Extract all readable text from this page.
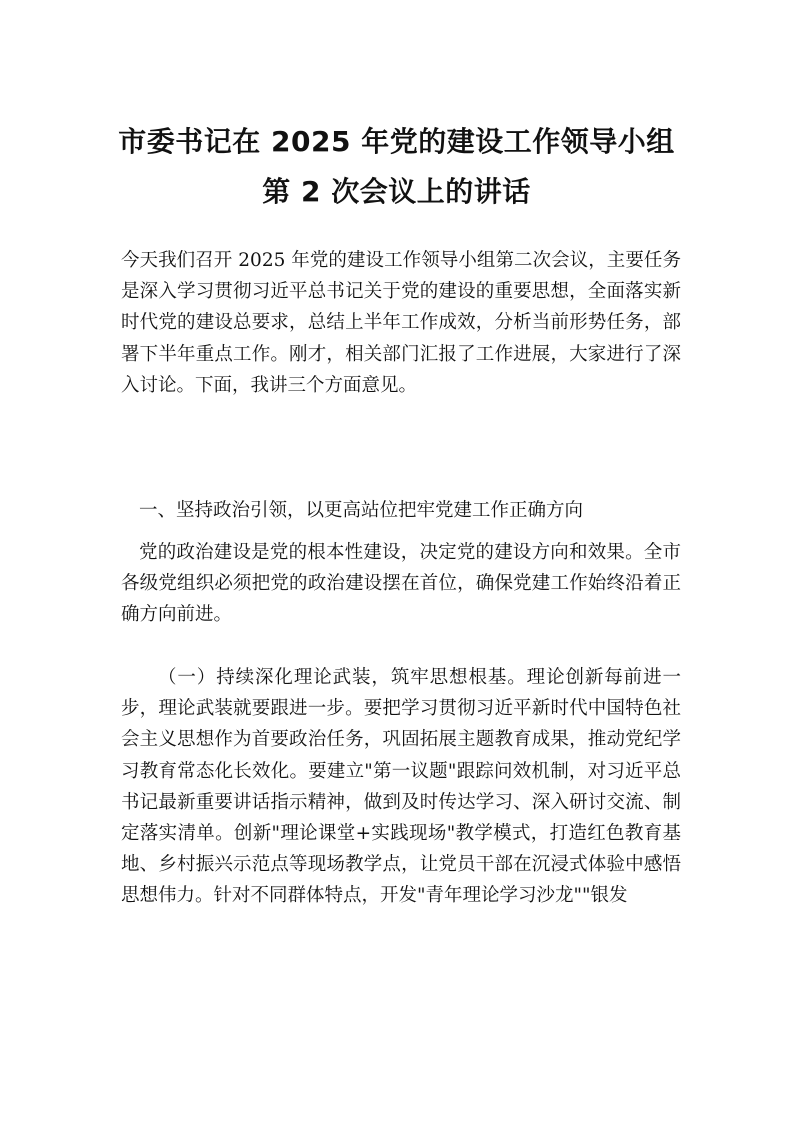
市委书记在 2025 年党的建设工作领导小组
第 2 次会议上的讲话

今天我们召开 2025 年党的建设工作领导小组第二次会议，主要任务是深入学习贯彻习近平总书记关于党的建设的重要思想，全面落实新时代党的建设总要求，总结上半年工作成效，分析当前形势任务，部署下半年重点工作。刚才，相关部门汇报了工作进展，大家进行了深入讨论。下面，我讲三个方面意见。

一、坚持政治引领，以更高站位把牢党建工作正确方向

党的政治建设是党的根本性建设，决定党的建设方向和效果。全市各级党组织必须把党的政治建设摆在首位，确保党建工作始终沿着正确方向前进。

（一）持续深化理论武装，筑牢思想根基。理论创新每前进一步，理论武装就要跟进一步。要把学习贯彻习近平新时代中国特色社会主义思想作为首要政治任务，巩固拓展主题教育成果，推动党纪学习教育常态化长效化。要建立"第一议题"跟踪问效机制，对习近平总书记最新重要讲话指示精神，做到及时传达学习、深入研讨交流、制定落实清单。创新"理论课堂+实践现场"教学模式，打造红色教育基地、乡村振兴示范点等现场教学点，让党员干部在沉浸式体验中感悟思想伟力。针对不同群体特点，开发"青年理论学习沙龙""银发
